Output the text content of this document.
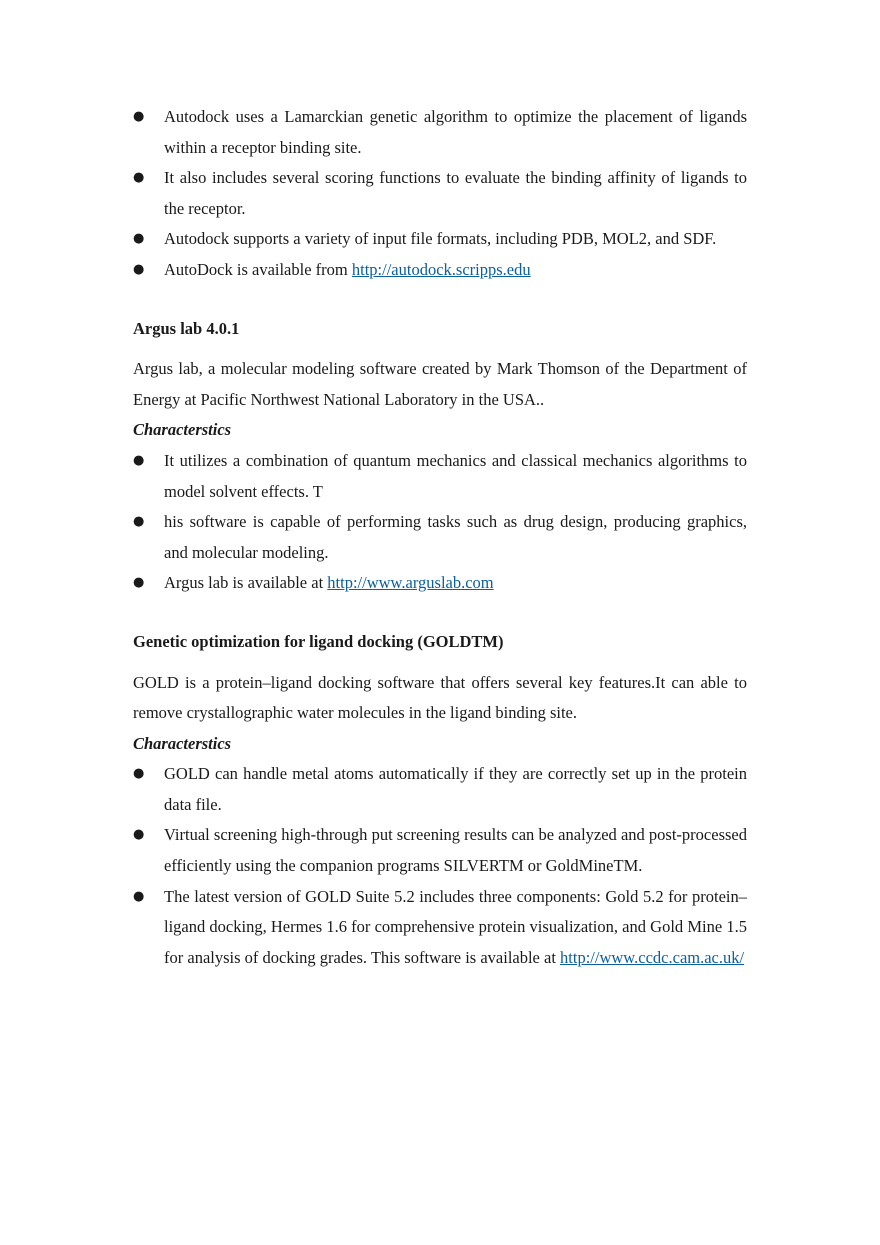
● Autodock uses a Lamarckian genetic algorithm to optimize the placement of ligands within a receptor binding site.
● It also includes several scoring functions to evaluate the binding affinity of ligands to the receptor.
● Autodock supports a variety of input file formats, including PDB, MOL2, and SDF.
● AutoDock is available from http://autodock.scripps.edu
Argus lab 4.0.1

Argus lab, a molecular modeling software created by Mark Thomson of the Department of Energy at Pacific Northwest National Laboratory in the USA..

Characterstics

● It utilizes a combination of quantum mechanics and classical mechanics algorithms to model solvent effects. T
● his software is capable of performing tasks such as drug design, producing graphics, and molecular modeling.
● Argus lab is available at http://www.arguslab.com
Genetic optimization for ligand docking (GOLDTM)

GOLD is a protein–ligand docking software that offers several key features.It can able to remove crystallographic water molecules in the ligand binding site.

Characterstics

● GOLD can handle metal atoms automatically if they are correctly set up in the protein data file.
● Virtual screening high-through put screening results can be analyzed and post-processed efficiently using the companion programs SILVERTM or GoldMineTM.
● The latest version of GOLD Suite 5.2 includes three components: Gold 5.2 for protein–ligand docking, Hermes 1.6 for comprehensive protein visualization, and Gold Mine 1.5 for analysis of docking grades. This software is available at http://www.ccdc.cam.ac.uk/
